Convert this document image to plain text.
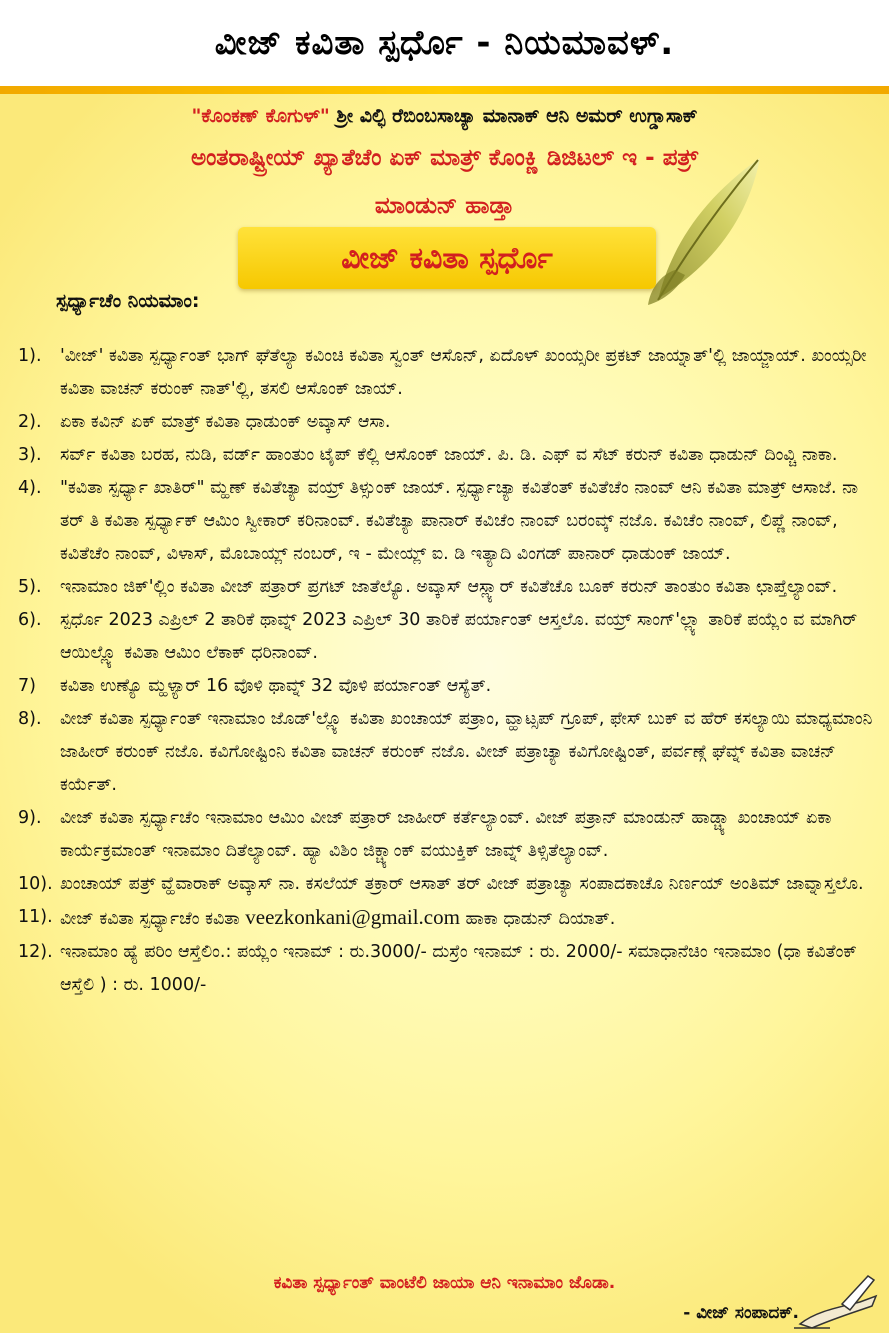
ವೀಜ್ ಕವಿತಾ ಸ್ಪರ್ಧೊ - ನಿಯಮಾವಳ್.
"ಕೊಂಕಣ್ ಕೊಗುಳ್" ಶ್ರೀ ವಿಲ್ಫಿ ರೆಬಿಂಬಸಾಚ್ಯಾ ಮಾನಾಕ್ ಆನಿ ಅಮರ್ ಉಗ್ಡಾಸಾಕ್
ಅಂತರಾಷ್ಟ್ರೀಯ್ ಖ್ಯಾತೆಚೆಂ ಏಕ್ ಮಾತ್ರ್ ಕೊಂಕ್ಣಿ ಡಿಜಿಟಲ್ ಇ - ಪತ್ರ್
ಮಾಂಡುನ್ ಹಾಡ್ತಾ
ವೀಜ್ ಕವಿತಾ ಸ್ಪರ್ಧೊ
ಸ್ಪರ್ಧ್ಯಾಚೆಂ ನಿಯಮಾಂ:
1).	'ವೀಜ್' ಕವಿತಾ ಸ್ಪರ್ಧ್ಯಾಂತ್ ಭಾಗ್ ಘೆತೆಲ್ಯಾ ಕವಿಂಚಿ ಕವಿತಾ ಸ್ವಂತ್ ಆಸೊನ್, ಏದೊಳ್ ಖಂಯ್ಸರೀ ಪ್ರಕಟ್ ಜಾಯ್ನಾತ್'ಲ್ಲಿ ಜಾಯ್ಜಾಯ್. ಖಂಯ್ಸರೀ ಕವಿತಾ ವಾಚನ್ ಕರುಂಕ್ ನಾತ್'ಲ್ಲಿ, ತಸಲಿ ಆಸೊಂಕ್ ಜಾಯ್.
2).	ಏಕಾ ಕವಿನ್ ಏಕ್ ಮಾತ್ರ್ ಕವಿತಾ ಧಾಡುಂಕ್ ಅವ್ಕಾಸ್ ಆಸಾ.
3).	ಸರ್ವ್ ಕವಿತಾ ಬರಹ, ನುಡಿ, ವರ್ಡ್ ಹಾಂತುಂ ಟೈಪ್ ಕೆಲ್ಲಿ ಆಸೊಂಕ್ ಜಾಯ್. ಪಿ. ಡಿ. ಎಫ್ ವ ಸೆಟ್ ಕರುನ್ ಕವಿತಾ ಧಾಡುನ್ ದಿಂವ್ಚಿ ನಾಕಾ.
4).	"ಕವಿತಾ ಸ್ಪರ್ಧ್ಯಾ ಖಾತಿರ್" ಮ್ಹಣ್ ಕವಿತೆಚ್ಯಾ ವಯ್ರ್ ತಿಳ್ಸುಂಕ್ ಜಾಯ್. ಸ್ಪರ್ಧ್ಯಾಚ್ಯಾ ಕವಿತೆಂತ್ ಕವಿತೆಚೆಂ ನಾಂವ್ ಆನಿ ಕವಿತಾ ಮಾತ್ರ್ ಆಸಾಜೆ. ನಾ ತರ್ ತಿ ಕವಿತಾ ಸ್ಪರ್ಧ್ಯಾಕ್ ಆಮಿಂ ಸ್ವೀಕಾರ್ ಕರಿನಾಂವ್. ಕವಿತೆಚ್ಯಾ ಪಾನಾರ್ ಕವಿಚೆಂ ನಾಂವ್ ಬರಂವ್ಕ್ ನಜೊ. ಕವಿಚೆಂ ನಾಂವ್, ಲಿಪ್ಣೆ ನಾಂವ್, ಕವಿತೆಚೆಂ ನಾಂವ್, ವಿಳಾಸ್, ಮೊಬಾಯ್ಲ್ ನಂಬರ್, ಇ - ಮೇಯ್ಲ್ ಐ. ಡಿ ಇತ್ಯಾದಿ ವಿಂಗಡ್ ಪಾನಾರ್ ಧಾಡುಂಕ್ ಜಾಯ್.
5).	ಇನಾಮಾಂ ಜಿಕ್'ಲ್ಲಿಂ ಕವಿತಾ ವೀಜ್ ಪತ್ರಾರ್ ಪ್ರಗಟ್ ಜಾತೆಲ್ಯೊ. ಅವ್ಕಾಸ್ ಆಸ್ಲ್ಯಾರ್ ಕವಿತೆಚೊ ಬೂಕ್ ಕರುನ್ ತಾಂತುಂ ಕವಿತಾ ಛಾಪ್ತೆಲ್ಯಾಂವ್.
6).	ಸ್ಪರ್ಧೊ 2023 ಎಪ್ರಿಲ್ 2 ತಾರಿಕೆ ಥಾವ್ನ್ 2023 ಎಪ್ರಿಲ್ 30 ತಾರಿಕೆ ಪರ್ಯಾಂತ್ ಆಸ್ತಲೊ. ವಯ್ರ್ ಸಾಂಗ್'ಲ್ಲ್ಯಾ ತಾರಿಕೆ ಪಯ್ಲೆಂ ವ ಮಾಗಿರ್ ಆಯಿಲ್ಲ್ಯೊ ಕವಿತಾ ಆಮಿಂ ಲೆಕಾಕ್ ಧರಿನಾಂವ್.
7)	ಕವಿತಾ ಉಣ್ಯೊ ಮ್ಹಳ್ಯಾರ್ 16 ವೊಳಿ ಥಾವ್ನ್ 32 ವೊಳಿ ಪರ್ಯಾಂತ್ ಆಸ್ಯೆತ್.
8).	ವೀಜ್ ಕವಿತಾ ಸ್ಪರ್ಧ್ಯಾಂತ್ ಇನಾಮಾಂ ಜೊಡ್'ಲ್ಲ್ಯೊ ಕವಿತಾ ಖಂಚಾಯ್ ಪತ್ರಾಂ, ವ್ಹಾಟ್ಸಪ್ ಗ್ರೂಪ್, ಫೇಸ್ ಬುಕ್ ವ ಹೆರ್ ಕಸಲ್ಯಾಯಿ ಮಾಧ್ಯಮಾಂನಿ ಜಾಹೀರ್ ಕರುಂಕ್ ನಜೊ. ಕವಿಗೋಷ್ಟಿಂನಿ ಕವಿತಾ ವಾಚನ್ ಕರುಂಕ್ ನಜೊ. ವೀಜ್ ಪತ್ರಾಚ್ಯಾ ಕವಿಗೋಷ್ಟಿಂತ್, ಪರ್ವಣ್ಗೆ ಘೆವ್ನ್ ಕವಿತಾ ವಾಚನ್ ಕರ್ಯೆತ್.
9).	ವೀಜ್ ಕವಿತಾ ಸ್ಪರ್ಧ್ಯಾಚೆಂ ಇನಾಮಾಂ ಆಮಿಂ ವೀಜ್ ಪತ್ರಾರ್ ಜಾಹೀರ್ ಕರ್ತೆಲ್ಯಾಂವ್. ವೀಜ್ ಪತ್ರಾನ್ ಮಾಂಡುನ್ ಹಾಡ್ಚ್ಯಾ ಖಂಚಾಯ್ ಏಕಾ ಕಾರ್ಯೆಕ್ರಮಾಂತ್ ಇನಾಮಾಂ ದಿತೆಲ್ಯಾಂವ್. ಹ್ಯಾ ವಿಶಿಂ ಜಿಕ್ಚ್ಯಾಂಕ್ ವಯುಕ್ತಿಕ್ ಜಾವ್ನ್ ತಿಳ್ಸಿತೆಲ್ಯಾಂವ್.
10). ಖಂಚಾಯ್ ಪತ್ರ್ ವ್ಹೆವಾರಾಕ್ ಅವ್ಕಾಸ್ ನಾ. ಕಸಲೆಯ್ ತಕ್ರಾರ್ ಆಸಾತ್ ತರ್ ವೀಜ್ ಪತ್ರಾಚ್ಯಾ ಸಂಪಾದಕಾಚೊ ನಿರ್ಣಯ್ ಅಂತಿಮ್ ಜಾವ್ನಾಸ್ತಲೊ.
11). ವೀಜ್ ಕವಿತಾ ಸ್ಪರ್ಧ್ಯಾಚೆಂ ಕವಿತಾ veezkonkani@gmail.com ಹಾಕಾ ಧಾಡುನ್ ದಿಯಾತ್.
12). ಇನಾಮಾಂ ಹ್ಯೆ ಪರಿಂ ಆಸ್ತೆಲಿಂ.: ಪಯ್ಲೆಂ ಇನಾಮ್ : ರು.3000/- ದುಸ್ರೆಂ ಇನಾಮ್ : ರು. 2000/- ಸಮಾಧಾನೆಚಿಂ ಇನಾಮಾಂ (ಧಾ ಕವಿತೆಂಕ್ ಆಸ್ತೆಲಿ ) : ರು. 1000/-
ಕವಿತಾ ಸ್ಪರ್ಧ್ಯಾಂತ್ ವಾಂಟೆಲಿ ಜಾಯಾ ಆನಿ ಇನಾಮಾಂ ಜೊಡಾ.
- ವೀಜ್ ಸಂಪಾದಕ್.
